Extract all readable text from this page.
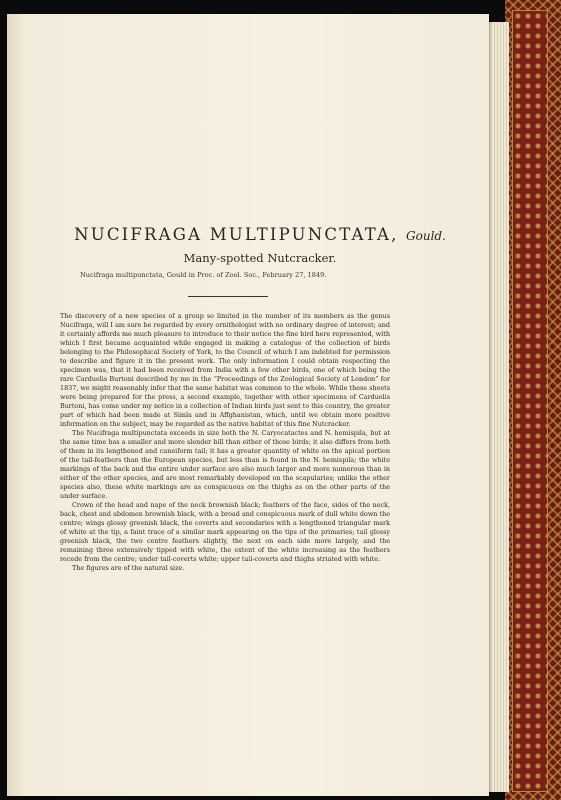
NUCIFRAGA MULTIPUNCTATA, Gould.
Many-spotted Nutcracker.
Nucifraga multipunctata, Gould in Proc. of Zool. Soc., February 27, 1849.

The discovery of a new species of a group so limited in the number of its members as the genus Nucifraga, will I am sure be regarded by every ornithologist with no ordinary degree of interest; and it certainly affords me much pleasure to introduce to their notice the fine bird here represented, with which I first became acquainted while engaged in making a catalogue of the collection of birds belonging to the Philosophical Society of York, to the Council of which I am indebted for permission to describe and figure it in the present work. The only information I could obtain respecting the specimen was, that it had been received from India with a few other birds, one of which being the rare Carduelis Burtoni described by me in the “Proceedings of the Zoological Society of London” for 1837, we might reasonably infer that the same habitat was common to the whole. While these sheets were being prepared for the press, a second example, together with other specimens of Carduelis Burtoni, has come under my notice in a collection of Indian birds just sent to this country, the greater part of which had been made at Simla and in Affghanistan, which, until we obtain more positive information on the subject, may be regarded as the native habitat of this fine Nutcracker.

The Nucifraga multipunctata exceeds in size both the N. Caryocatactes and N. hemispila, but at the same time has a smaller and more slender bill than either of those birds; it also differs from both of them in its lengthened and cuneiform tail; it has a greater quantity of white on the apical portion of the tail-feathers than the European species, but less than is found in the N. hemispila; the white markings of the back and the entire under surface are also much larger and more numerous than in either of the other species, and are most remarkably developed on the scapularies; unlike the other species also, these white markings are as conspicuous on the thighs as on the other parts of the under surface.

Crown of the head and nape of the neck brownish black; feathers of the face, sides of the neck, back, chest and abdomen brownish black, with a broad and conspicuous mark of dull white down the centre; wings glossy greenish black, the coverts and secondaries with a lengthened triangular mark of white at the tip, a faint trace of a similar mark appearing on the tips of the primaries; tail glossy greenish black, the two centre feathers slightly, the next on each side more largely, and the remaining three extensively tipped with white, the extent of the white increasing as the feathers recede from the centre; under tail-coverts white; upper tail-coverts and thighs striated with white.

The figures are of the natural size.
